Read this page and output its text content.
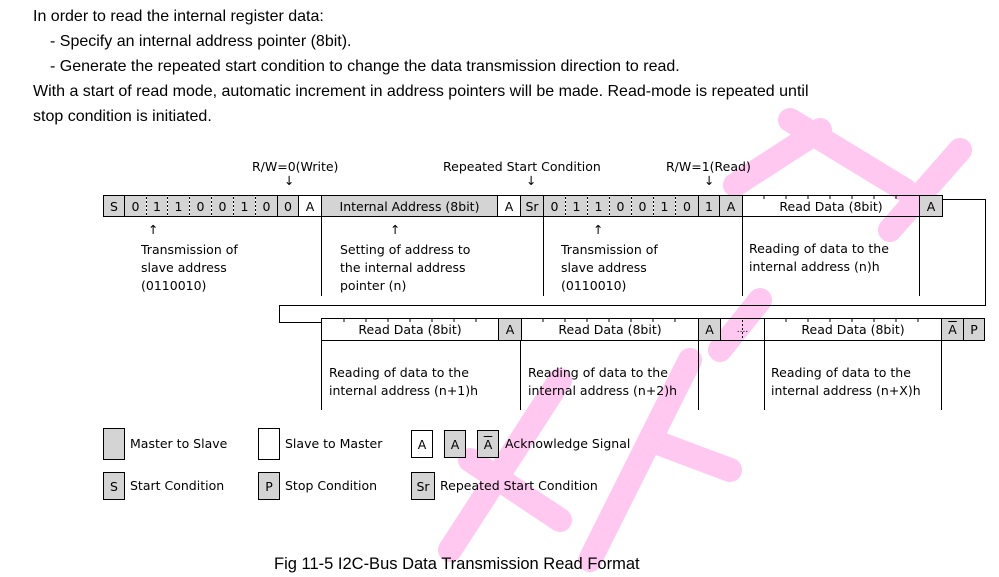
In order to read the internal register data:
- Specify an internal address pointer (8bit).
- Generate the repeated start condition to change the data transmission direction to read.
With a start of read mode, automatic increment in address pointers will be made. Read-mode is repeated until
stop condition is initiated.
R/W=0(Write)
↓
Repeated Start Condition
↓
R/W=1(Read)
↓
S	0	1	1	0	0	1	0	0	A	Internal Address (8bit)	A Sr 0	1	1	0	0	1	0	1	A	Read Data (8bit)	A
↑	↑	↑
Transmission of
slave address
(0110010)
Setting of address to
the internal address
pointer (n)
Transmission of
slave address
(0110010)
Reading of data to the
internal address (n)h
Read Data (8bit)	A	Read Data (8bit)	A	....	Read Data (8bit)	$\overline{A}$	P
Reading of data to the
internal address (n+1)h
Reading of data to the
internal address (n+2)h
Reading of data to the
internal address (n+X)h
Master to Slave	Slave to Master	A	A	$\overline{A}$	Acknowledge Signal
S Start Condition	P Stop Condition	Sr Repeated Start Condition
Fig 11-5 I2C-Bus Data Transmission Read Format
